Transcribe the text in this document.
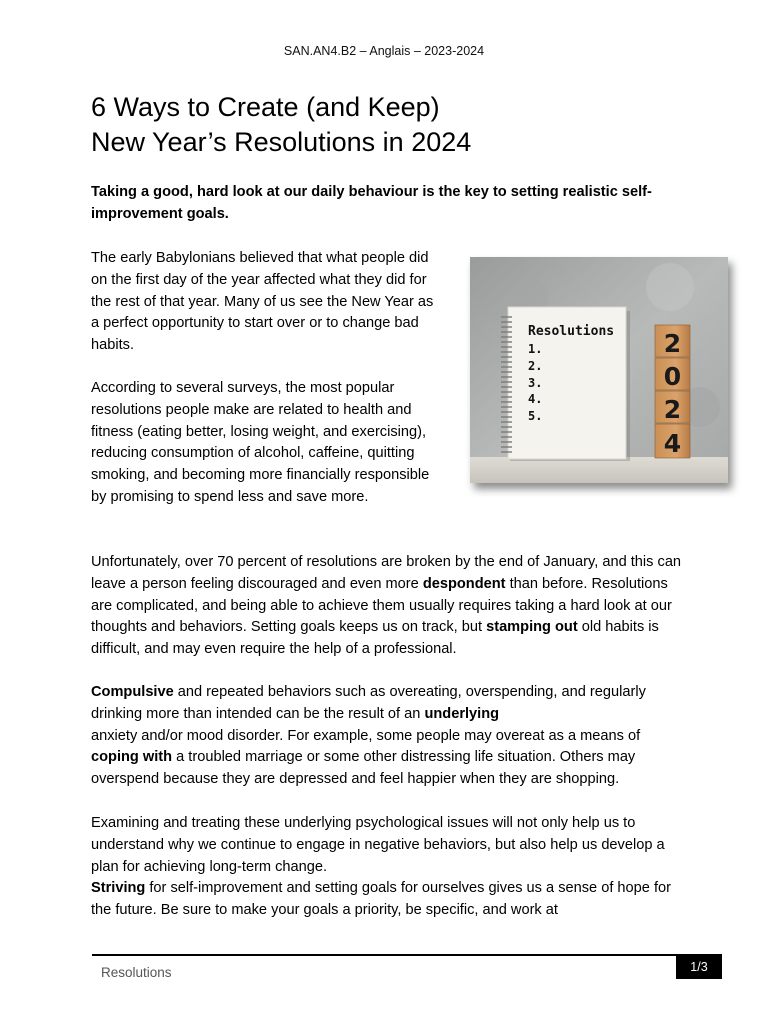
SAN.AN4.B2 – Anglais – 2023-2024
6 Ways to Create (and Keep)
New Year’s Resolutions in 2024

Taking a good, hard look at our daily behaviour is the key to setting realistic self-improvement goals.

The early Babylonians believed that what people did on the first day of the year affected what they did for the rest of that year. Many of us see the New Year as a perfect opportunity to start over or to change bad habits.

According to several surveys, the most popular resolutions people make are related to health and fitness (eating better, losing weight, and exercising), reducing consumption of alcohol, caffeine, quitting smoking, and becoming more financially responsible by promising to spend less and save more.

Resolutions
1.
2.
3.
4.
5.
2
0
2
4

Unfortunately, over 70 percent of resolutions are broken by the end of January, and this can leave a person feeling discouraged and even more despondent than before. Resolutions are complicated, and being able to achieve them usually requires taking a hard look at our thoughts and behaviors. Setting goals keeps us on track, but stamping out old habits is difficult, and may even require the help of a professional.

Compulsive and repeated behaviors such as overeating, overspending, and regularly drinking more than intended can be the result of an underlying
anxiety and/or mood disorder. For example, some people may overeat as a means of coping with a troubled marriage or some other distressing life situation. Others may overspend because they are depressed and feel happier when they are shopping.

Examining and treating these underlying psychological issues will not only help us to understand why we continue to engage in negative behaviors, but also help us develop a plan for achieving long-term change.
Striving for self-improvement and setting goals for ourselves gives us a sense of hope for the future. Be sure to make your goals a priority, be specific, and work at

Resolutions	1/3
